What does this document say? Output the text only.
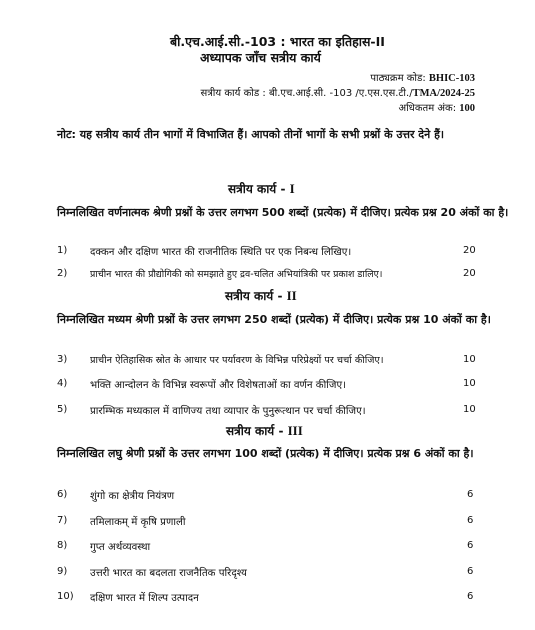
बी.एच.आई.सी.-103 : भारत का इतिहास-II
अध्यापक जाँच सत्रीय कार्य
पाठ्यक्रम कोड: BHIC-103
सत्रीय कार्य कोड : बी.एच.आई.सी. -103 /ए.एस.एस.टी./TMA/2024-25
अधिकतम अंक: 100
नोट: यह सत्रीय कार्य तीन भागों में विभाजित हैं। आपको तीनों भागों के सभी प्रश्नों के उत्तर देने हैं।
सत्रीय कार्य - I
निम्नलिखित वर्णनात्मक श्रेणी प्रश्नों के उत्तर लगभग 500 शब्दों (प्रत्येक) में दीजिए। प्रत्येक प्रश्न 20 अंकों का है।
1) दक्कन और दक्षिण भारत की राजनीतिक स्थिति पर एक निबन्ध लिखिए।	20
2) प्राचीन भारत की प्रौद्योगिकी को समझाते हुए द्रव-चलित अभियांत्रिकी पर प्रकाश डालिए।	20
सत्रीय कार्य - II
निम्नलिखित मध्यम श्रेणी प्रश्नों के उत्तर लगभग 250 शब्दों (प्रत्येक) में दीजिए। प्रत्येक प्रश्न 10 अंकों का है।
3) प्राचीन ऐतिहासिक स्रोत के आधार पर पर्यावरण के विभिन्न परिप्रेक्ष्यों पर चर्चा कीजिए।	10
4) भक्ति आन्दोलन के विभिन्न स्वरूपों और विशेषताओं का वर्णन कीजिए।	10
5) प्रारम्भिक मध्यकाल में वाणिज्य तथा व्यापार के पुनुरूत्थान पर चर्चा कीजिए।	10
सत्रीय कार्य - III
निम्नलिखित लघु श्रेणी प्रश्नों के उत्तर लगभग 100 शब्दों (प्रत्येक) में दीजिए। प्रत्येक प्रश्न 6 अंकों का है।
6) शुंगो का क्षेत्रीय नियंत्रण	6
7) तमिलाकम् में कृषि प्रणाली	6
8) गुप्त अर्थव्यवस्था	6
9) उत्तरी भारत का बदलता राजनैतिक परिदृश्य	6
10) दक्षिण भारत में शिल्प उत्पादन	6
